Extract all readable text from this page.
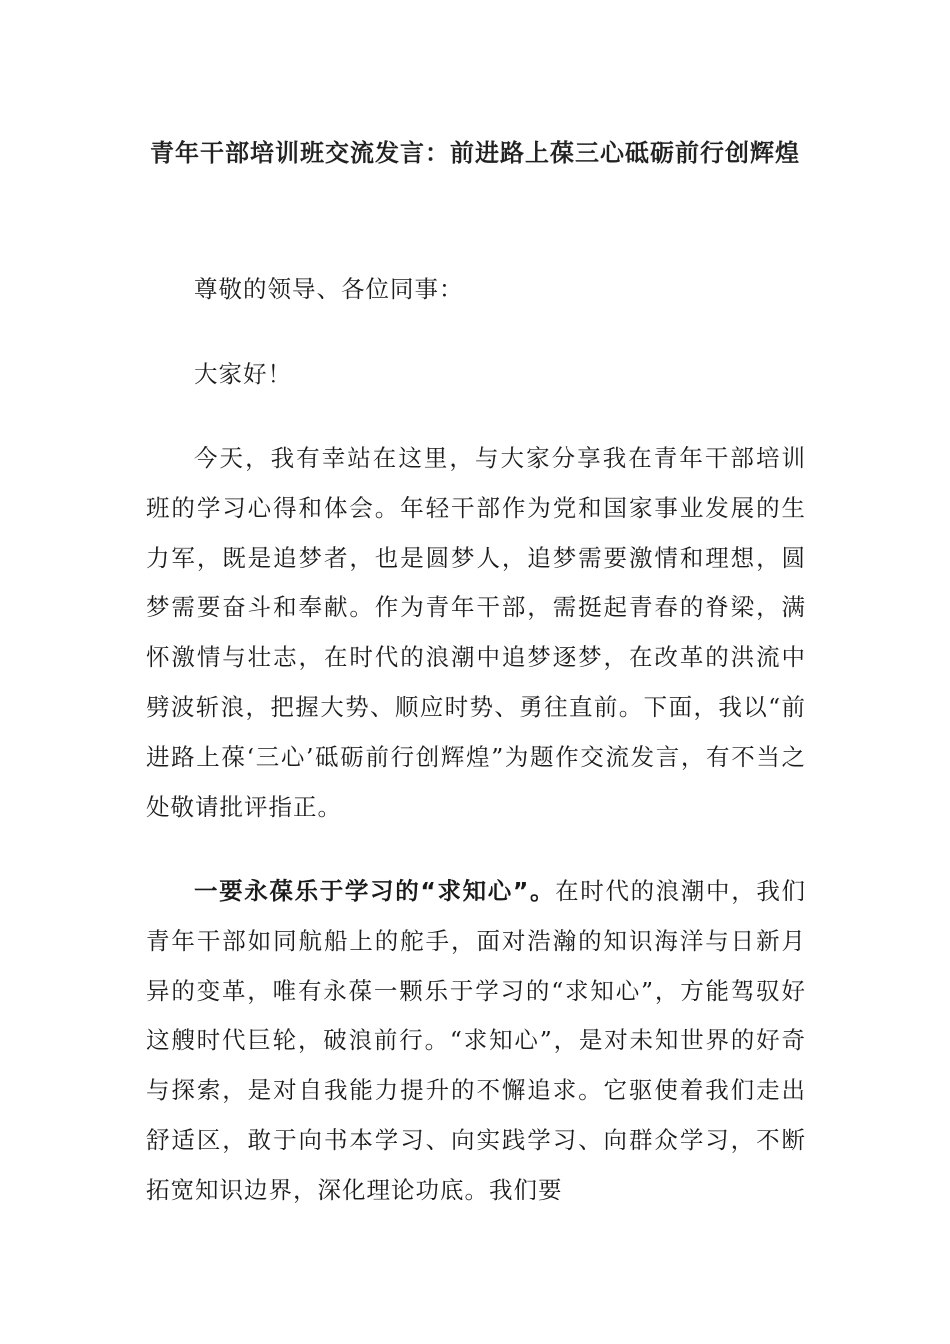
青年干部培训班交流发言：前进路上葆三心砥砺前行创辉煌

尊敬的领导、各位同事：

大家好！

今天，我有幸站在这里，与大家分享我在青年干部培训班的学习心得和体会。年轻干部作为党和国家事业发展的生力军，既是追梦者，也是圆梦人，追梦需要激情和理想，圆梦需要奋斗和奉献。作为青年干部，需挺起青春的脊梁，满怀激情与壮志，在时代的浪潮中追梦逐梦，在改革的洪流中劈波斩浪，把握大势、顺应时势、勇往直前。下面，我以“前进路上葆‘三心’砥砺前行创辉煌”为题作交流发言，有不当之处敬请批评指正。

一要永葆乐于学习的“求知心”。在时代的浪潮中，我们青年干部如同航船上的舵手，面对浩瀚的知识海洋与日新月异的变革，唯有永葆一颗乐于学习的“求知心”，方能驾驭好这艘时代巨轮，破浪前行。“求知心”，是对未知世界的好奇与探索，是对自我能力提升的不懈追求。它驱使着我们走出舒适区，敢于向书本学习、向实践学习、向群众学习，不断拓宽知识边界，深化理论功底。我们要
